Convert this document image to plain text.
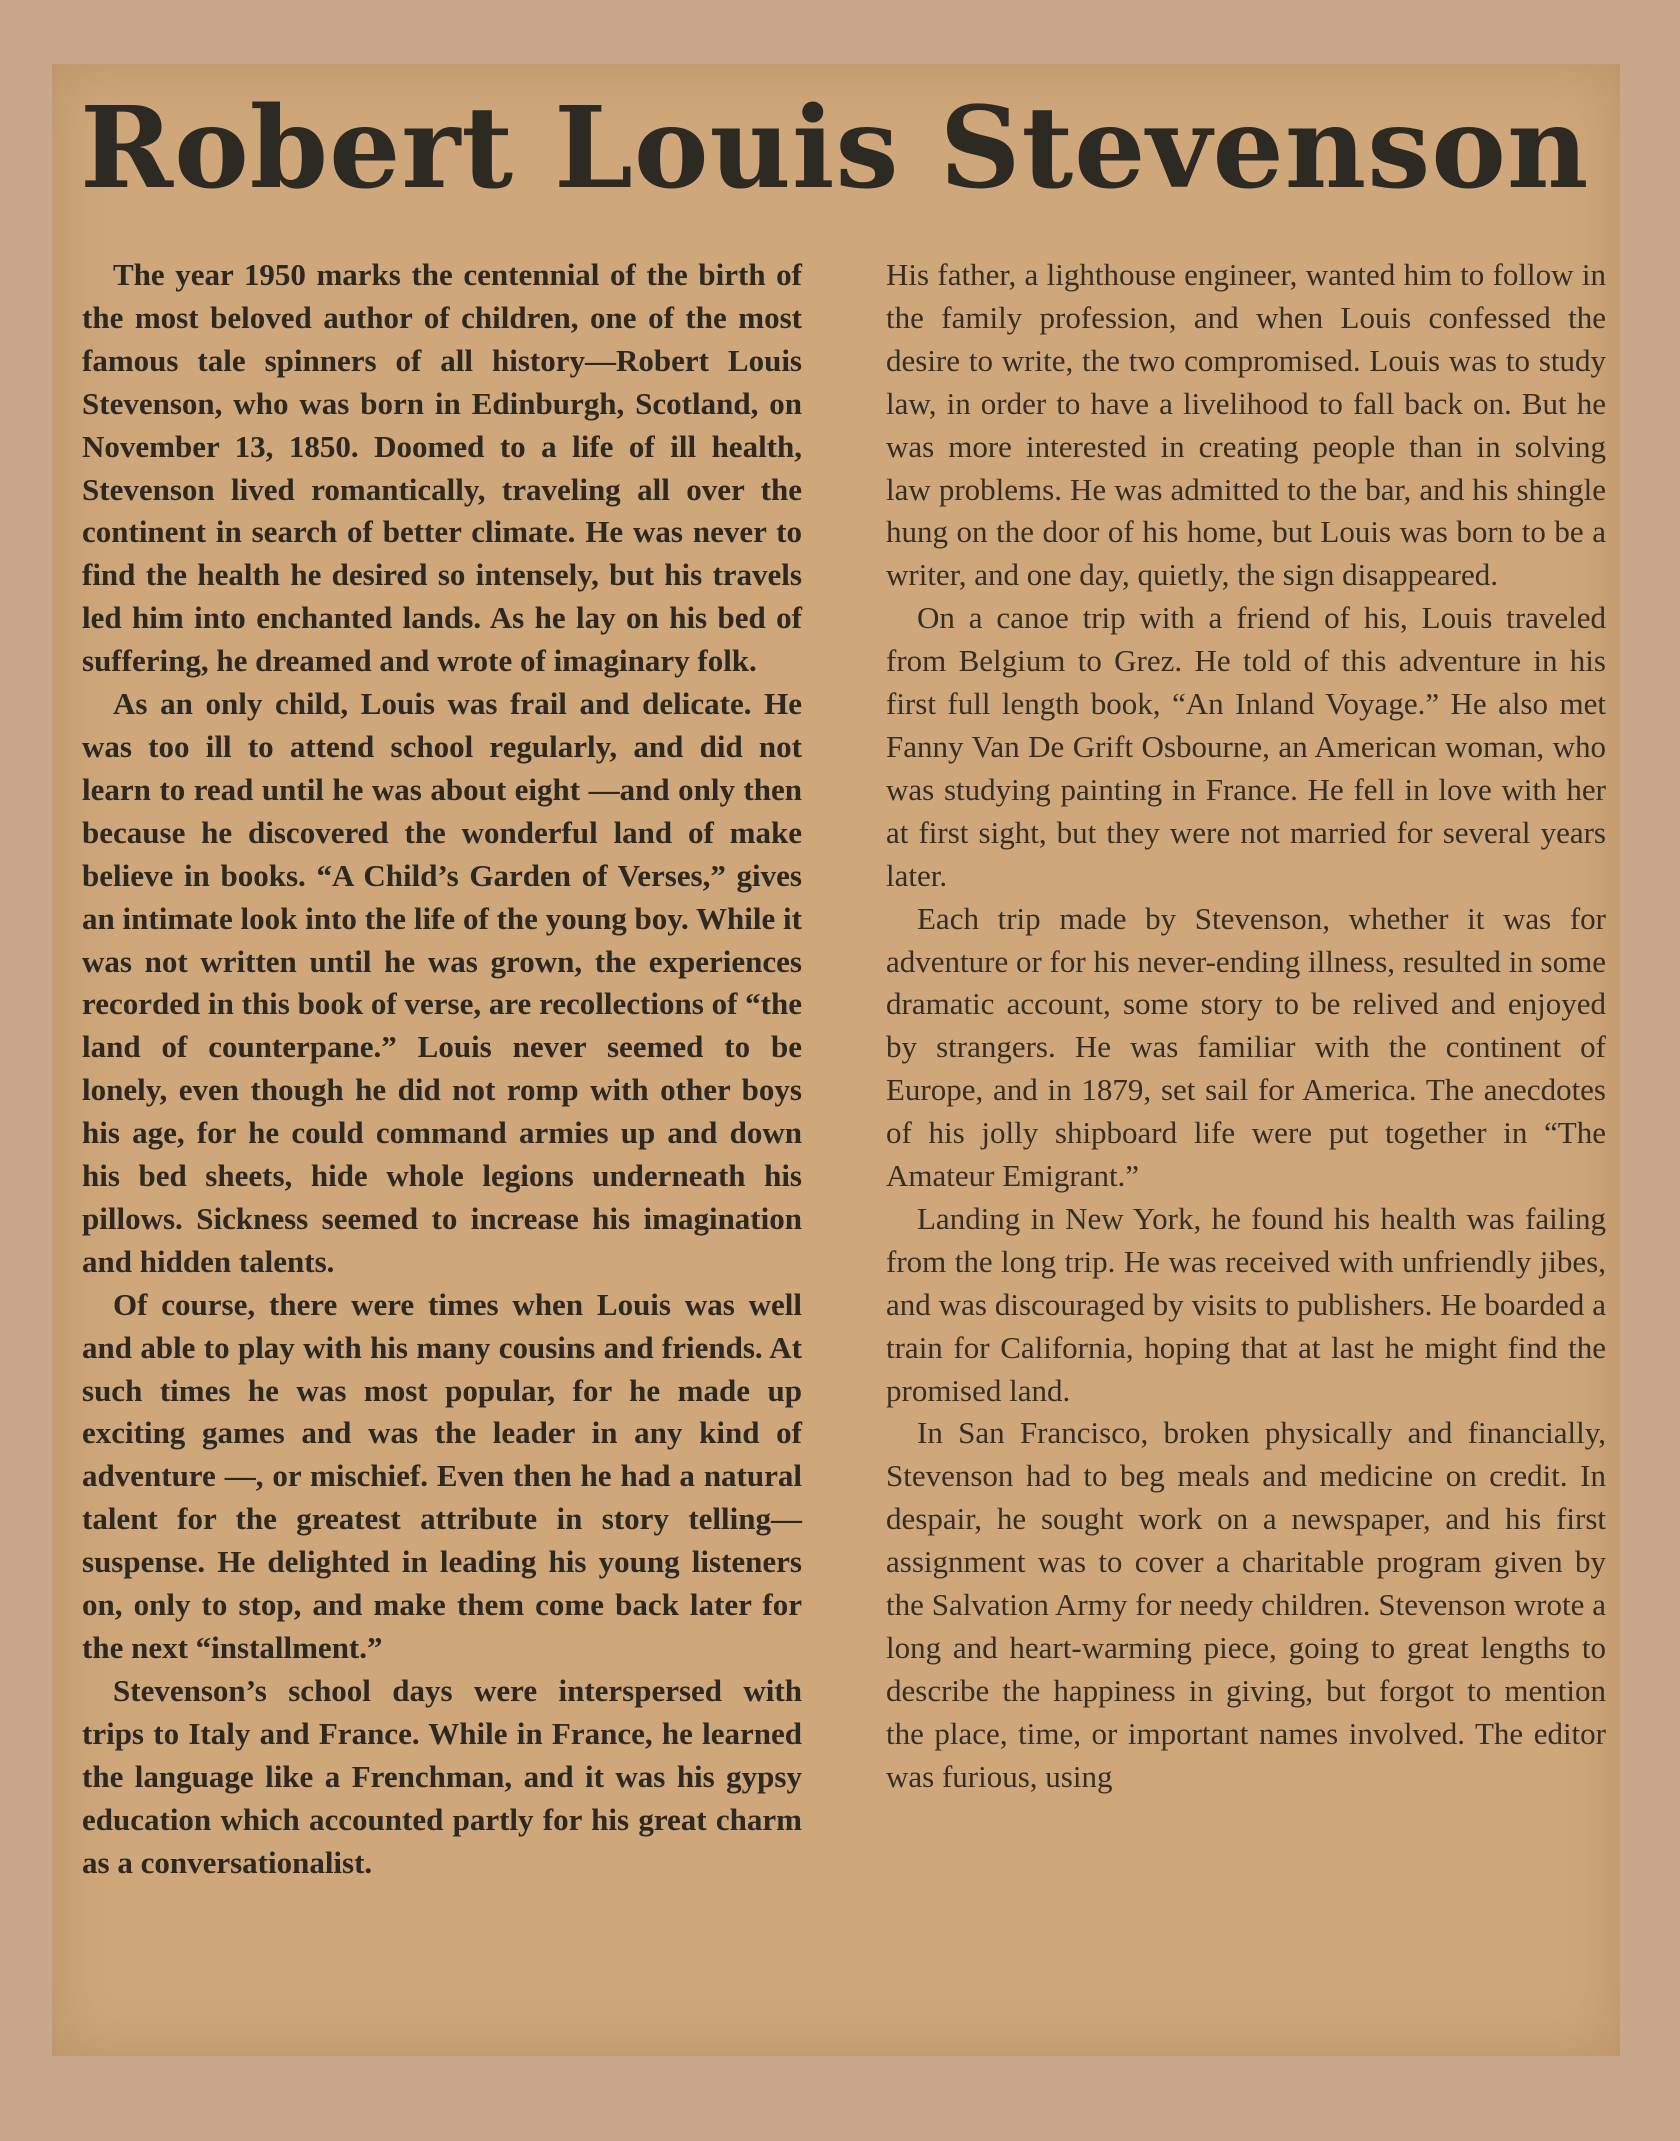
Robert Louis Stevenson

The year 1950 marks the centennial of the birth of the most beloved author of children, one of the most famous tale spinners of all history—Robert Louis Stevenson, who was born in Edinburgh, Scotland, on November 13, 1850. Doomed to a life of ill health, Stevenson lived romantically, traveling all over the continent in search of better climate. He was never to find the health he desired so intensely, but his travels led him into enchanted lands. As he lay on his bed of suffering, he dreamed and wrote of imaginary folk.

As an only child, Louis was frail and delicate. He was too ill to attend school regularly, and did not learn to read until he was about eight —and only then because he discovered the wonderful land of make believe in books. “A Child’s Garden of Verses,” gives an intimate look into the life of the young boy. While it was not written until he was grown, the experiences recorded in this book of verse, are recollections of “the land of counterpane.” Louis never seemed to be lonely, even though he did not romp with other boys his age, for he could command armies up and down his bed sheets, hide whole legions underneath his pillows. Sickness seemed to increase his imagination and hidden talents.

Of course, there were times when Louis was well and able to play with his many cousins and friends. At such times he was most popular, for he made up exciting games and was the leader in any kind of adventure —, or mischief. Even then he had a natural talent for the greatest attribute in story telling—suspense. He delighted in leading his young listeners on, only to stop, and make them come back later for the next “installment.”

Stevenson’s school days were interspersed with trips to Italy and France. While in France, he learned the language like a Frenchman, and it was his gypsy education which accounted partly for his great charm as a conversationalist.

His father, a lighthouse engineer, wanted him to follow in the family profession, and when Louis confessed the desire to write, the two compromised. Louis was to study law, in order to have a livelihood to fall back on. But he was more interested in creating people than in solving law problems. He was admitted to the bar, and his shingle hung on the door of his home, but Louis was born to be a writer, and one day, quietly, the sign disappeared.

On a canoe trip with a friend of his, Louis traveled from Belgium to Grez. He told of this adventure in his first full length book, “An Inland Voyage.” He also met Fanny Van De Grift Osbourne, an American woman, who was studying painting in France. He fell in love with her at first sight, but they were not married for several years later.

Each trip made by Stevenson, whether it was for adventure or for his never-ending illness, resulted in some dramatic account, some story to be relived and enjoyed by strangers. He was familiar with the continent of Europe, and in 1879, set sail for America. The anecdotes of his jolly shipboard life were put together in “The Amateur Emigrant.”

Landing in New York, he found his health was failing from the long trip. He was received with unfriendly jibes, and was discouraged by visits to publishers. He boarded a train for California, hoping that at last he might find the promised land.

In San Francisco, broken physically and financially, Stevenson had to beg meals and medicine on credit. In despair, he sought work on a newspaper, and his first assignment was to cover a charitable program given by the Salvation Army for needy children. Stevenson wrote a long and heart-warming piece, going to great lengths to describe the happiness in giving, but forgot to mention the place, time, or important names involved. The editor was furious, using
